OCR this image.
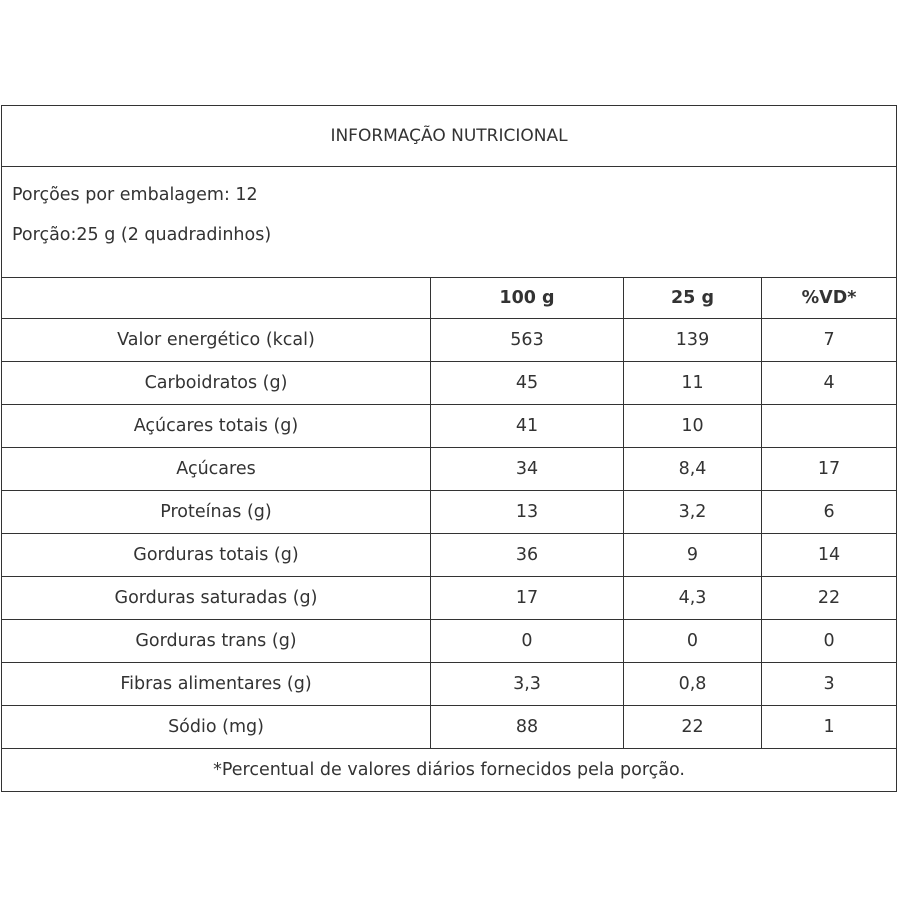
INFORMAÇÃO NUTRICIONAL			

Porções por embalagem: 12
Porção:25 g (2 quadradinhos)			

	100 g	25 g	%VD*
Valor energético (kcal)	563	139	7
Carboidratos (g)	45	11	4
Açúcares totais (g)	41	10	
Açúcares	34	8,4	17
Proteínas (g)	13	3,2	6
Gorduras totais (g)	36	9	14
Gorduras saturadas (g)	17	4,3	22
Gorduras trans (g)	0	0	0
Fibras alimentares (g)	3,3	0,8	3
Sódio (mg)	88	22	1
*Percentual de valores diários fornecidos pela porção.			
